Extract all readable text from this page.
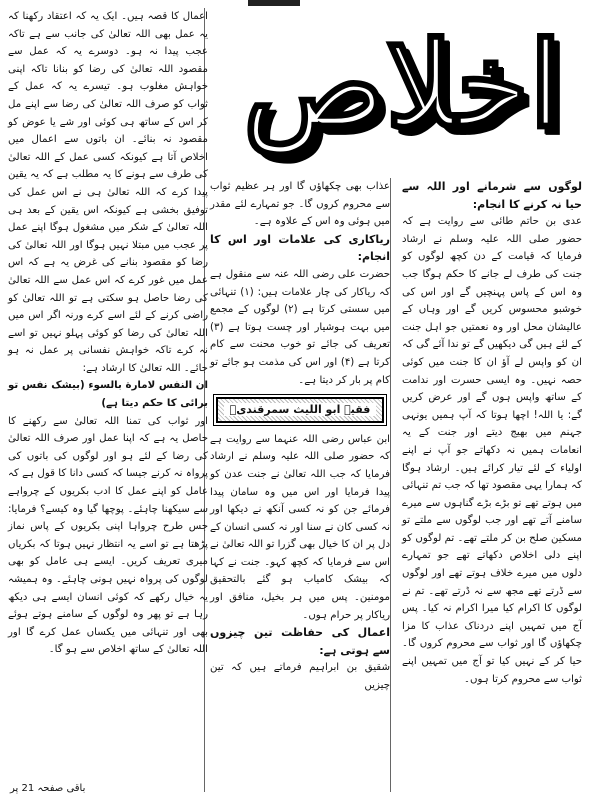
اخلاص

لوگوں سے شرمانے اور اللہ سے حیا نہ کرنے کا انجام:

عدی بن حاتم طائی سے روایت ہے کہ حضور صلی اللہ علیہ وسلم نے ارشاد فرمایا کہ قیامت کے دن کچھ لوگوں کو جنت کی طرف لے جانے کا حکم ہوگا جب وہ اس کے پاس پہنچیں گے اور اس کی خوشبو محسوس کریں گے اور وہاں کے عالیشان محل اور وہ نعمتیں جو اہل جنت کے لئے ہیں گی دیکھیں گے تو ندا آئے گی کہ ان کو واپس لے آؤ ان کا جنت میں کوئی حصہ نہیں۔ وہ ایسی حسرت اور ندامت کے ساتھ واپس ہوں گے اور عرض کریں گے: یا اللہ! اچھا ہوتا کہ آپ ہمیں یونہی جہنم میں بھیج دیتے اور جنت کے یہ انعامات ہمیں نہ دکھاتے جو آپ نے اپنے اولیاء کے لئے تیار کرائے ہیں۔ ارشاد ہوگا کہ ہمارا یہی مقصود تھا کہ جب تم تنہائی میں ہوتے تھے تو بڑے بڑے گناہوں سے میرے سامنے آتے تھے اور جب لوگوں سے ملتے تو مسکین صلح بن کر ملتے تھے۔ تم لوگوں کو اپنے دلی اخلاص دکھاتے تھے جو تمہارے دلوں میں میرے خلاف ہوتے تھے اور لوگوں سے ڈرتے تھے مجھ سے نہ ڈرتے تھے۔ تم نے لوگوں کا اکرام کیا میرا اکرام نہ کیا۔ پس آج میں تمہیں اپنے دردناک عذاب کا مزا چکھاؤں گا اور ثواب سے محروم کروں گا۔ حیا کر کے نہیں کیا تو آج میں تمہیں اپنے ثواب سے محروم کرتا ہوں۔

عذاب بھی چکھاؤں گا اور ہر عظیم ثواب سے محروم کروں گا۔ جو تمہارے لئے مقدر میں ہوئی وہ اس کے علاوہ ہے۔

ریاکاری کی علامات اور اس کا انجام:

حضرت علی رضی اللہ عنہ سے منقول ہے کہ ریاکار کی چار علامات ہیں: (۱) تنہائی میں سستی کرتا ہے (۲) لوگوں کے مجمع میں بہت ہوشیار اور چست ہوتا ہے (۳) تعریف کی جائے تو خوب محنت سے کام کرتا ہے (۴) اور اس کی مذمت ہو جائے تو کام پر بار کر دیتا ہے۔

فقیہ ابو اللیث سمرقندیؒ

ابن عباس رضی اللہ عنہما سے روایت ہے کہ حضور صلی اللہ علیہ وسلم نے ارشاد فرمایا کہ جب اللہ تعالیٰ نے جنت عدن کو پیدا فرمایا اور اس میں وہ سامان پیدا فرمائے جن کو نہ کسی آنکھ نے دیکھا اور نہ کسی کان نے سنا اور نہ کسی انسان کے دل پر ان کا خیال بھی گزرا تو اللہ تعالیٰ نے اس سے فرمایا کہ کچھ کہو۔ جنت نے کہا کہ بیشک کامیاب ہو گئے بالتحقیق مومنین۔ پس میں ہر بخیل، منافق اور ریاکار پر حرام ہوں۔

اعمال کی حفاظت تین چیزوں سے ہوتی ہے:

شقیق بن ابراہیم فرماتے ہیں کہ تین چیزیں

اعمال کا قصہ ہیں۔ ایک یہ کہ اعتقاد رکھنا کہ یہ عمل بھی اللہ تعالیٰ کی جانب سے ہے تاکہ عجب پیدا نہ ہو۔ دوسرے یہ کہ عمل سے مقصود اللہ تعالیٰ کی رضا کو بنانا تاکہ اپنی خواہش مغلوب ہو۔ تیسرے یہ کہ عمل کے ثواب کو صرف اللہ تعالیٰ کی رضا سے اپنے مل کر اس کے ساتھ ہی کوئی اور شے یا عوض کو مقصود نہ بنائے۔ ان باتوں سے اعمال میں اخلاص آتا ہے کیونکہ کسی عمل کے اللہ تعالیٰ کی طرف سے ہونے کا یہ مطلب ہے کہ یہ یقین پیدا کرے کہ اللہ تعالیٰ ہی نے اس عمل کی توفیق بخشی ہے کیونکہ اس یقین کے بعد ہی اللہ تعالیٰ کے شکر میں مشغول ہوگا اپنے عمل پر عجب میں مبتلا نہیں ہوگا اور اللہ تعالیٰ کی رضا کو مقصود بنانے کی غرض یہ ہے کہ اس عمل میں غور کرے کہ اس عمل سے اللہ تعالیٰ کی رضا حاصل ہو سکتی ہے تو اللہ تعالیٰ کو راضی کرنے کے لئے اسے کرے ورنہ اگر اس میں اللہ تعالیٰ کی رضا کو کوئی پہلو نہیں تو اسے نہ کرے تاکہ خواہش نفسانی پر عمل نہ ہو جائے۔ اللہ تعالیٰ کا ارشاد ہے:

ان النفس لامارة بالسوء (بیشک نفس تو برائی کا حکم دیتا ہے)

اور ثواب کی تمنا اللہ تعالیٰ سے رکھنے کا حاصل یہ ہے کہ اپنا عمل اور صرف اللہ تعالیٰ کی رضا کے لئے ہو اور لوگوں کی باتوں کی پرواہ نہ کرنے جیسا کہ کسی دانا کا قول ہے کہ عامل کو اپنے عمل کا ادب بکریوں کے چرواہے سے سیکھنا چاہئے۔ پوچھا گیا وہ کیسے؟ فرمایا: جس طرح چرواہا اپنی بکریوں کے پاس نماز پڑھتا ہے تو اسے یہ انتظار نہیں ہوتا کہ بکریاں میری تعریف کریں۔ ایسے ہی عامل کو بھی لوگوں کی پرواہ نہیں ہونی چاہئے۔ وہ ہمیشہ یہ خیال رکھے کہ کوئی انسان ایسے ہی دیکھ رہا ہے تو پھر وہ لوگوں کے سامنے ہوتے ہوئے بھی اور تنہائی میں یکساں عمل کرے گا اور اللہ تعالیٰ کے ساتھ اخلاص سے ہو گا۔

باقی صفحہ 21 پر
